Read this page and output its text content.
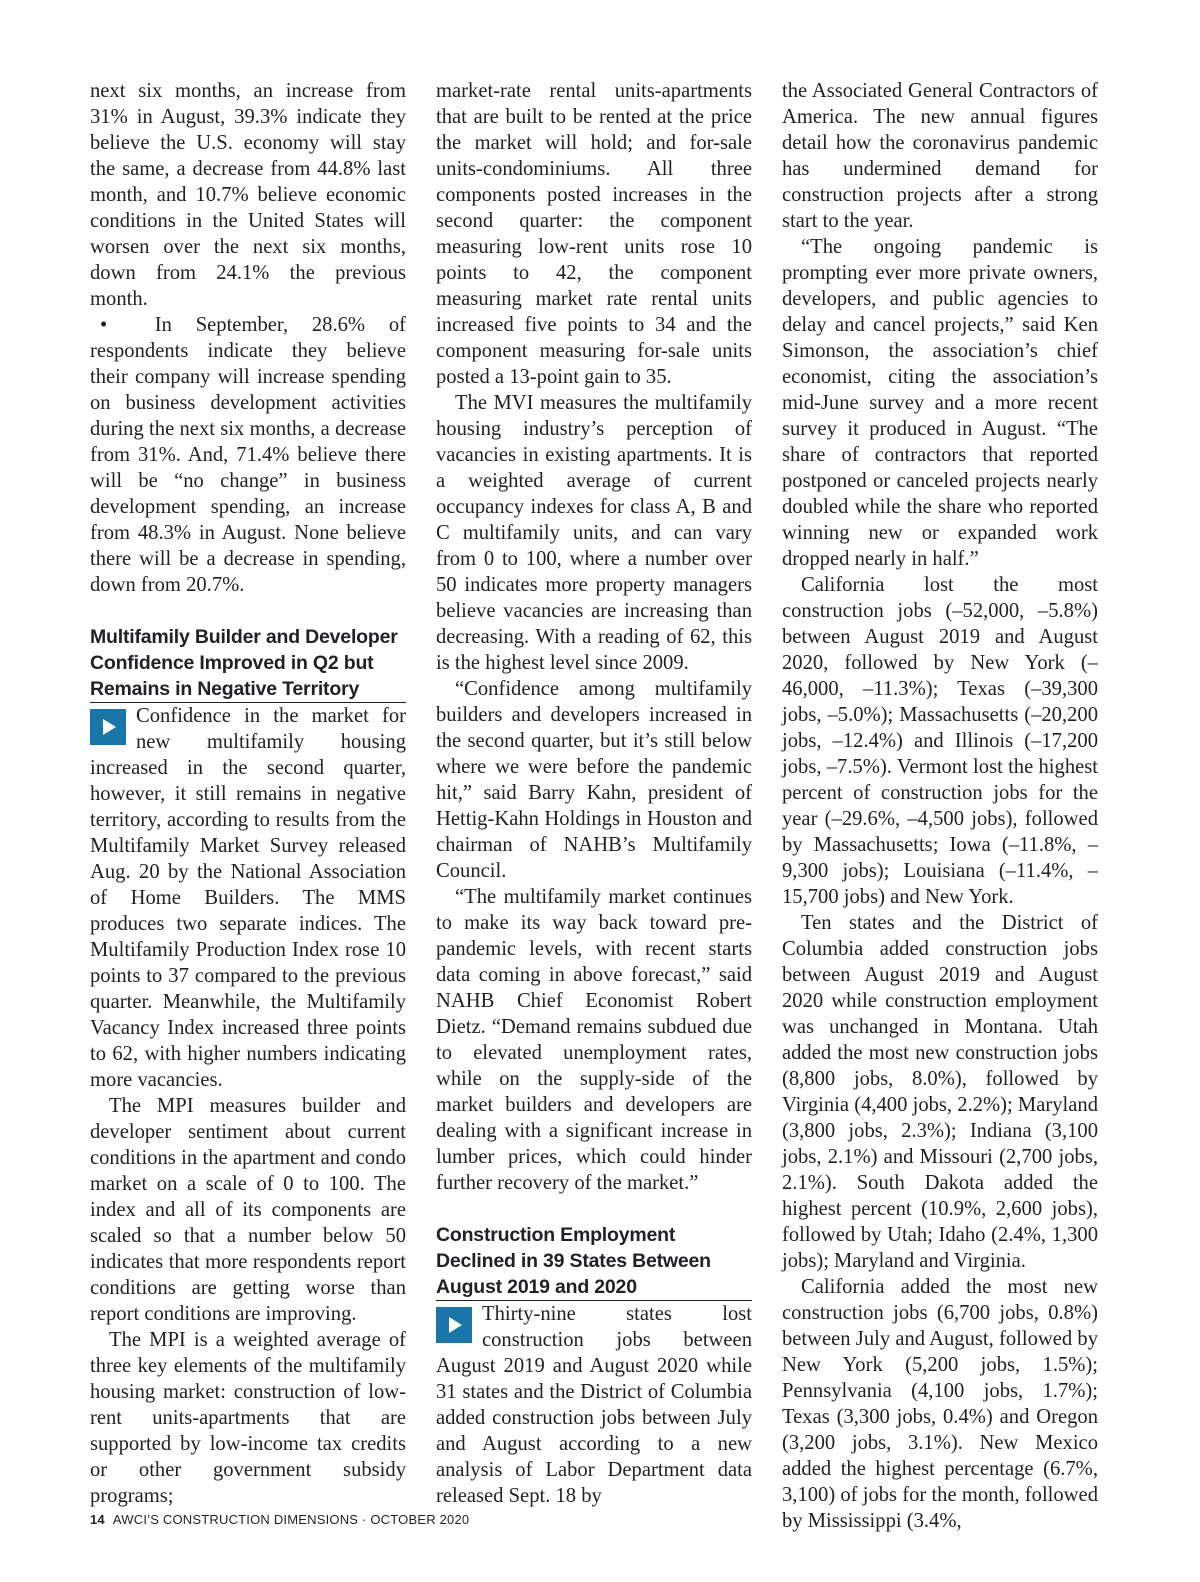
next six months, an increase from 31% in August, 39.3% indicate they believe the U.S. economy will stay the same, a decrease from 44.8% last month, and 10.7% believe economic conditions in the United States will worsen over the next six months, down from 24.1% the previous month.

•  In September, 28.6% of respondents indicate they believe their company will increase spending on business development activities during the next six months, a decrease from 31%. And, 71.4% believe there will be “no change” in business development spending, an increase from 48.3% in August. None believe there will be a decrease in spending, down from 20.7%.

Multifamily Builder and Developer Confidence Improved in Q2 but Remains in Negative Territory

Confidence in the market for new multifamily housing increased in the second quarter, however, it still remains in negative territory, according to results from the Multifamily Market Survey released Aug. 20 by the National Association of Home Builders. The MMS produces two separate indices. The Multifamily Production Index rose 10 points to 37 compared to the previous quarter. Meanwhile, the Multifamily Vacancy Index increased three points to 62, with higher numbers indicating more vacancies.

The MPI measures builder and developer sentiment about current conditions in the apartment and condo market on a scale of 0 to 100. The index and all of its components are scaled so that a number below 50 indicates that more respondents report conditions are getting worse than report conditions are improving.

The MPI is a weighted average of three key elements of the multifamily housing market: construction of low-rent units-apartments that are supported by low-income tax credits or other government subsidy programs;

market-rate rental units-apartments that are built to be rented at the price the market will hold; and for-sale units-condominiums. All three components posted increases in the second quarter: the component measuring low-rent units rose 10 points to 42, the component measuring market rate rental units increased five points to 34 and the component measuring for-sale units posted a 13-point gain to 35.

The MVI measures the multifamily housing industry’s perception of vacancies in existing apartments. It is a weighted average of current occupancy indexes for class A, B and C multifamily units, and can vary from 0 to 100, where a number over 50 indicates more property managers believe vacancies are increasing than decreasing. With a reading of 62, this is the highest level since 2009.

“Confidence among multifamily builders and developers increased in the second quarter, but it’s still below where we were before the pandemic hit,” said Barry Kahn, president of Hettig-Kahn Holdings in Houston and chairman of NAHB’s Multifamily Council.

“The multifamily market continues to make its way back toward pre-pandemic levels, with recent starts data coming in above forecast,” said NAHB Chief Economist Robert Dietz. “Demand remains subdued due to elevated unemployment rates, while on the supply-side of the market builders and developers are dealing with a significant increase in lumber prices, which could hinder further recovery of the market.”

Construction Employment Declined in 39 States Between August 2019 and 2020

Thirty-nine states lost construction jobs between August 2019 and August 2020 while 31 states and the District of Columbia added construction jobs between July and August according to a new analysis of Labor Department data released Sept. 18 by

the Associated General Contractors of America. The new annual figures detail how the coronavirus pandemic has undermined demand for construction projects after a strong start to the year.

“The ongoing pandemic is prompting ever more private owners, developers, and public agencies to delay and cancel projects,” said Ken Simonson, the association’s chief economist, citing the association’s mid-June survey and a more recent survey it produced in August. “The share of contractors that reported postponed or canceled projects nearly doubled while the share who reported winning new or expanded work dropped nearly in half.”

California lost the most construction jobs (–52,000, –5.8%) between August 2019 and August 2020, followed by New York (–46,000, –11.3%); Texas (–39,300 jobs, –5.0%); Massachusetts (–20,200 jobs, –12.4%) and Illinois (–17,200 jobs, –7.5%). Vermont lost the highest percent of construction jobs for the year (–29.6%, –4,500 jobs), followed by Massachusetts; Iowa (–11.8%, –9,300 jobs); Louisiana (–11.4%, –15,700 jobs) and New York.

Ten states and the District of Columbia added construction jobs between August 2019 and August 2020 while construction employment was unchanged in Montana. Utah added the most new construction jobs (8,800 jobs, 8.0%), followed by Virginia (4,400 jobs, 2.2%); Maryland (3,800 jobs, 2.3%); Indiana (3,100 jobs, 2.1%) and Missouri (2,700 jobs, 2.1%). South Dakota added the highest percent (10.9%, 2,600 jobs), followed by Utah; Idaho (2.4%, 1,300 jobs); Maryland and Virginia.

California added the most new construction jobs (6,700 jobs, 0.8%) between July and August, followed by New York (5,200 jobs, 1.5%); Pennsylvania (4,100 jobs, 1.7%); Texas (3,300 jobs, 0.4%) and Oregon (3,200 jobs, 3.1%). New Mexico added the highest percentage (6.7%, 3,100) of jobs for the month, followed by Mississippi (3.4%,

14 AWCI’S CONSTRUCTION DIMENSIONS · OCTOBER 2020
